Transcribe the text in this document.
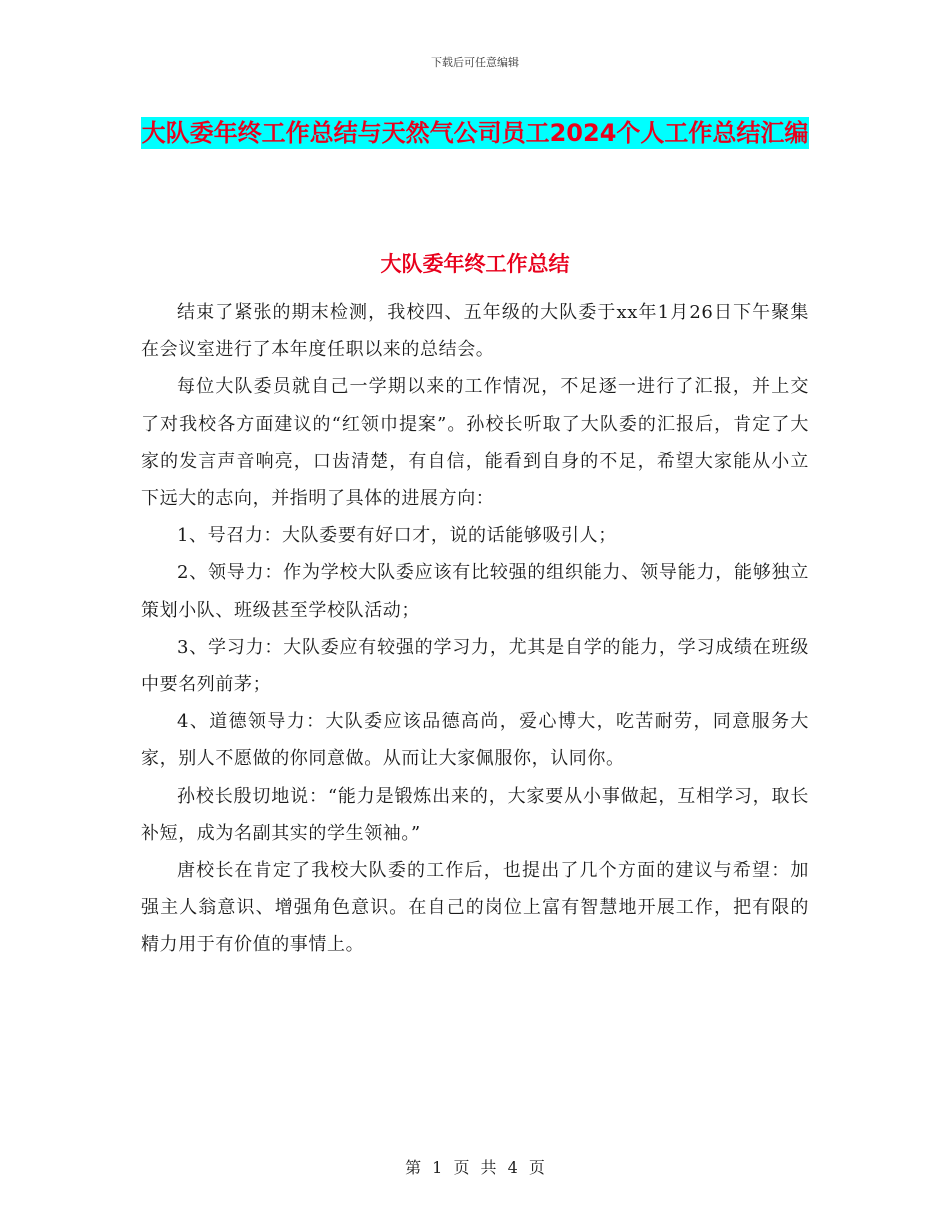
下载后可任意编辑
大队委年终工作总结与天然气公司员工2024个人工作总结汇编
大队委年终工作总结

结束了紧张的期末检测，我校四、五年级的大队委于xx年1月26日下午聚集在会议室进行了本年度任职以来的总结会。

每位大队委员就自己一学期以来的工作情况，不足逐一进行了汇报，并上交了对我校各方面建议的“红领巾提案”。孙校长听取了大队委的汇报后，肯定了大家的发言声音响亮，口齿清楚，有自信，能看到自身的不足，希望大家能从小立下远大的志向，并指明了具体的进展方向：

1、号召力：大队委要有好口才，说的话能够吸引人；

2、领导力：作为学校大队委应该有比较强的组织能力、领导能力，能够独立策划小队、班级甚至学校队活动；

3、学习力：大队委应有较强的学习力，尤其是自学的能力，学习成绩在班级中要名列前茅；

4、道德领导力：大队委应该品德高尚，爱心博大，吃苦耐劳，同意服务大家，别人不愿做的你同意做。从而让大家佩服你，认同你。

孙校长殷切地说：“能力是锻炼出来的，大家要从小事做起，互相学习，取长补短，成为名副其实的学生领袖。”

唐校长在肯定了我校大队委的工作后，也提出了几个方面的建议与希望：加强主人翁意识、增强角色意识。在自己的岗位上富有智慧地开展工作，把有限的精力用于有价值的事情上。

第 1 页 共 4 页
